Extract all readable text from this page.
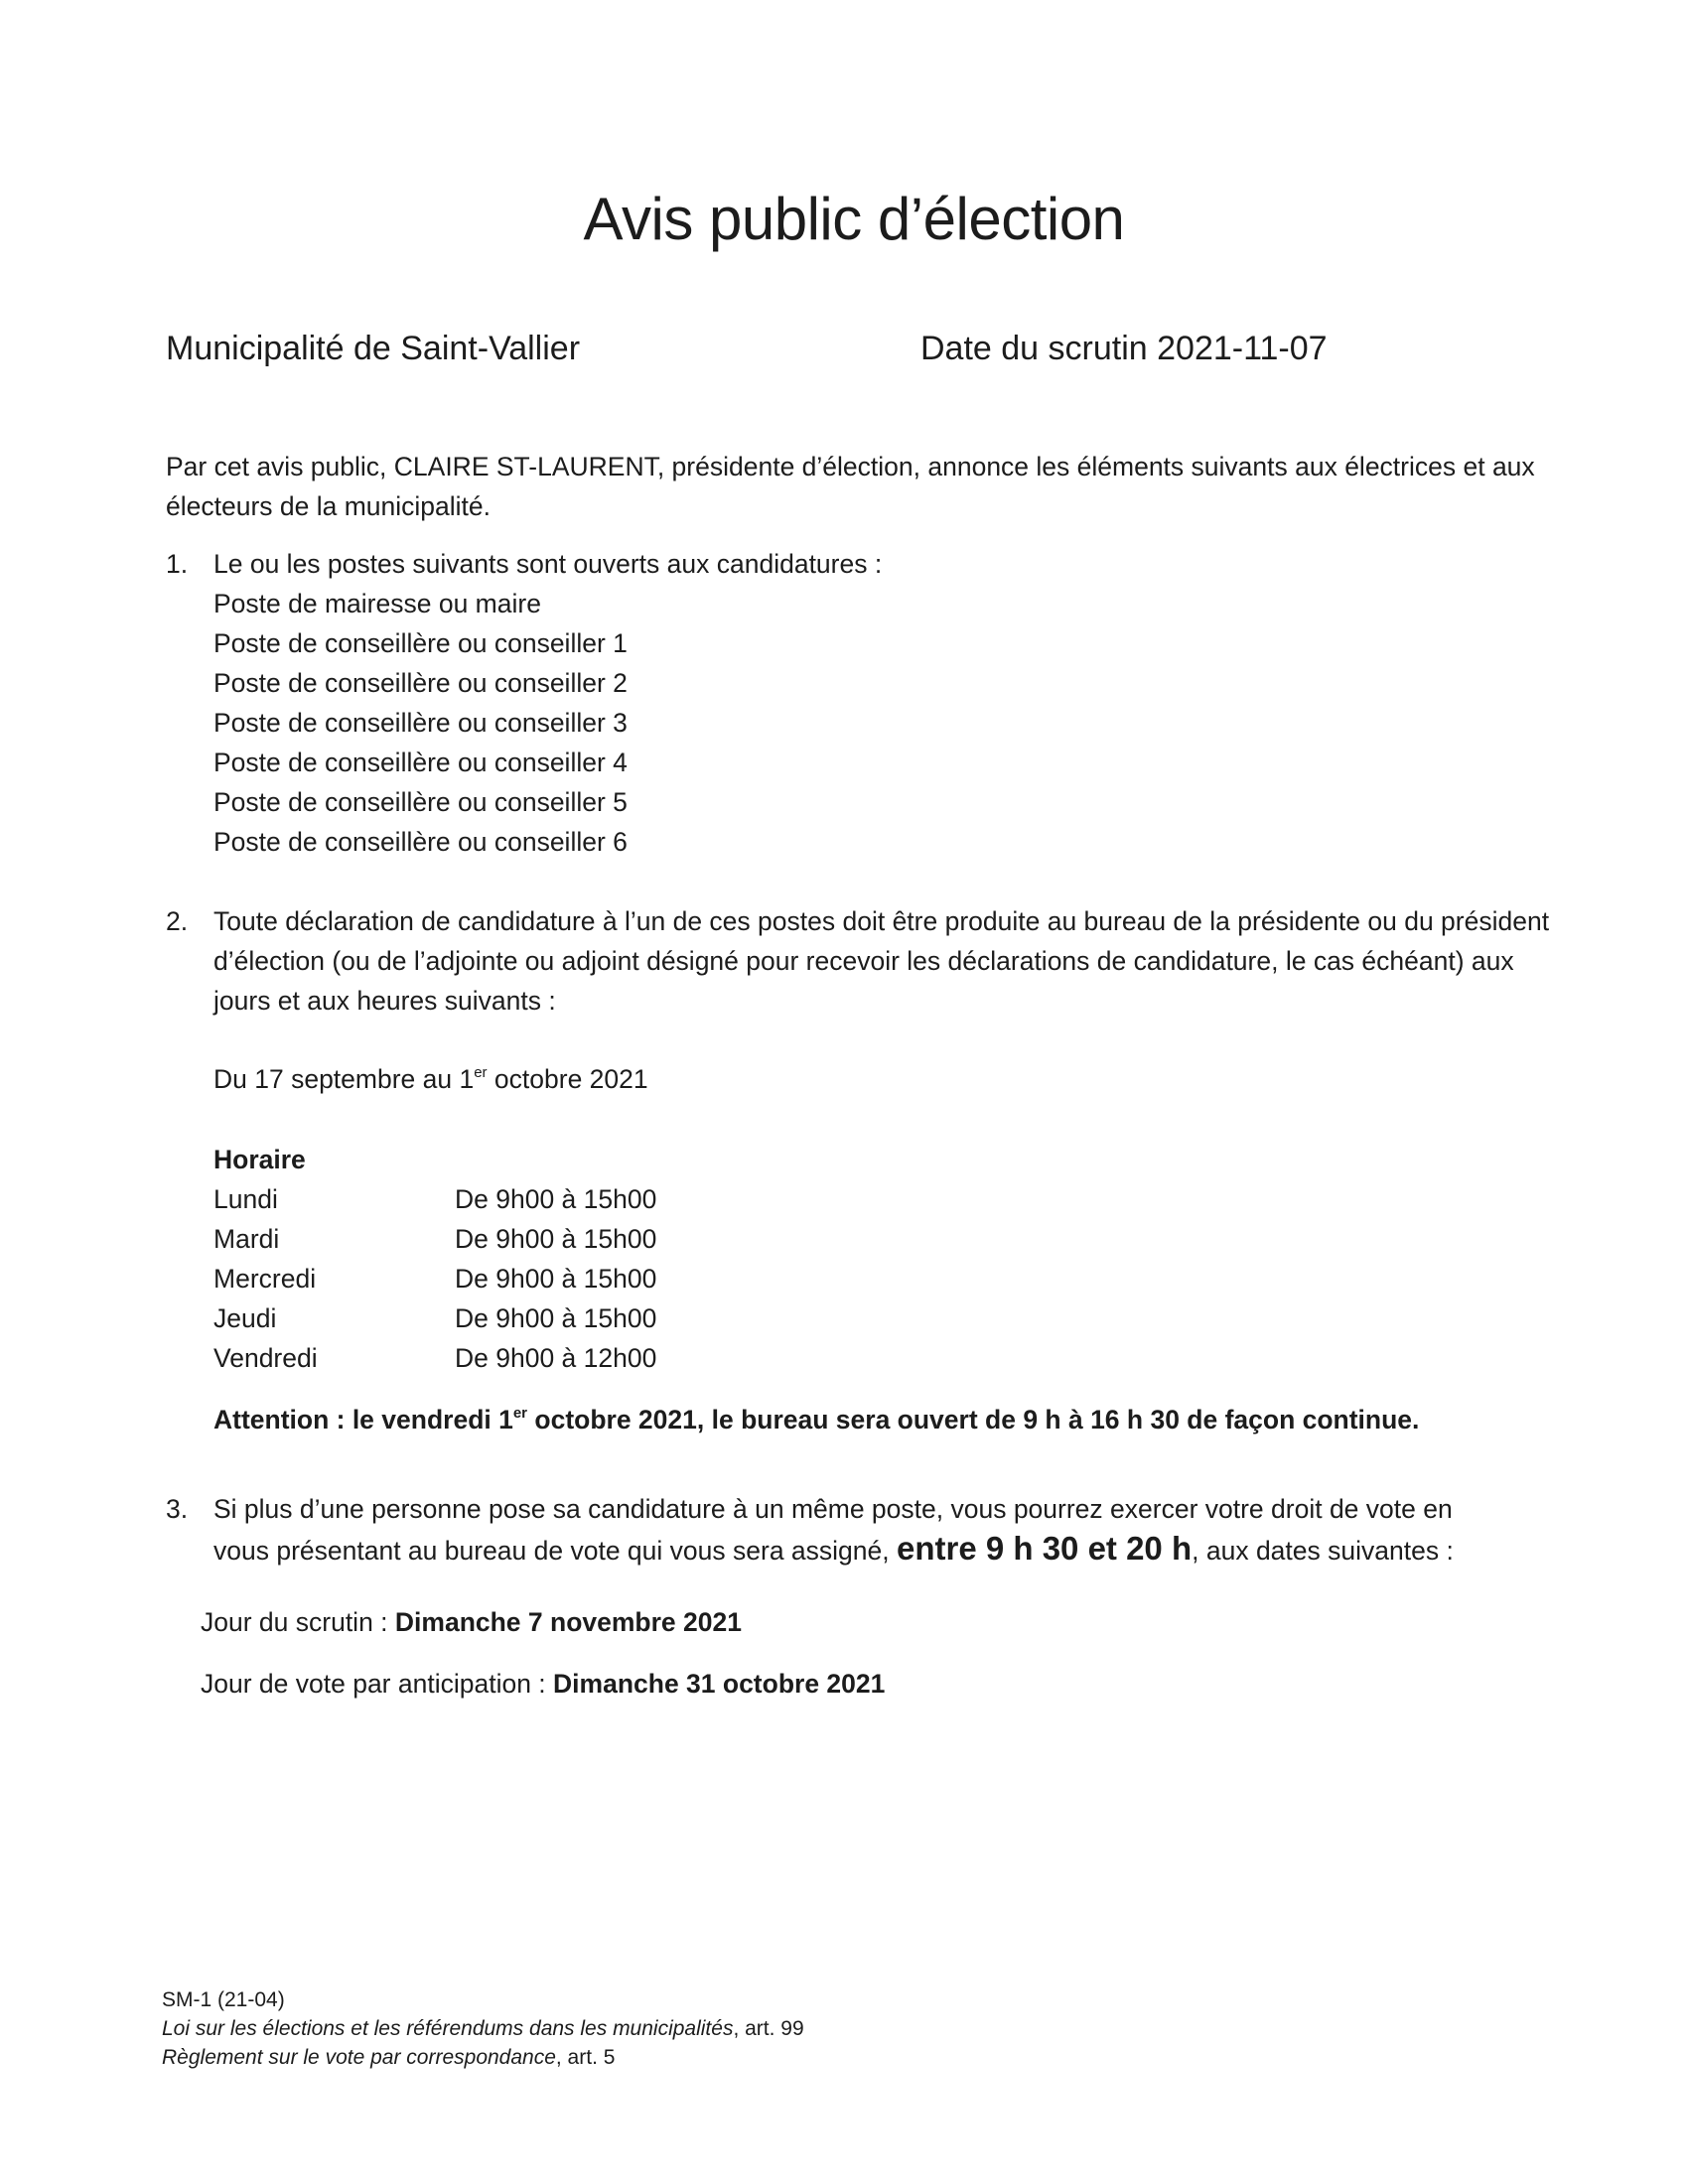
Avis public d’élection
Municipalité de Saint-Vallier	Date du scrutin 2021-11-07

Par cet avis public, CLAIRE ST-LAURENT, présidente d’élection, annonce les éléments suivants aux électrices et aux électeurs de la municipalité.

1. Le ou les postes suivants sont ouverts aux candidatures :
Poste de mairesse ou maire
Poste de conseillère ou conseiller 1
Poste de conseillère ou conseiller 2
Poste de conseillère ou conseiller 3
Poste de conseillère ou conseiller 4
Poste de conseillère ou conseiller 5
Poste de conseillère ou conseiller 6
2. Toute déclaration de candidature à l’un de ces postes doit être produite au bureau de la présidente ou du président d’élection (ou de l’adjointe ou adjoint désigné pour recevoir les déclarations de candidature, le cas échéant) aux jours et aux heures suivants :

Du 17 septembre au 1er octobre 2021
Horaire
Lundi	De 9h00 à 15h00
Mardi	De 9h00 à 15h00
Mercredi	De 9h00 à 15h00
Jeudi	De 9h00 à 15h00
Vendredi	De 9h00 à 12h00
Attention : le vendredi 1er octobre 2021, le bureau sera ouvert de 9 h à 16 h 30 de façon continue.
3. Si plus d’une personne pose sa candidature à un même poste, vous pourrez exercer votre droit de vote en
vous présentant au bureau de vote qui vous sera assigné, entre 9 h 30 et 20 h, aux dates suivantes :
Jour du scrutin : Dimanche 7 novembre 2021
Jour de vote par anticipation : Dimanche 31 octobre 2021
SM-1 (21-04)
Loi sur les élections et les référendums dans les municipalités, art. 99
Règlement sur le vote par correspondance, art. 5
